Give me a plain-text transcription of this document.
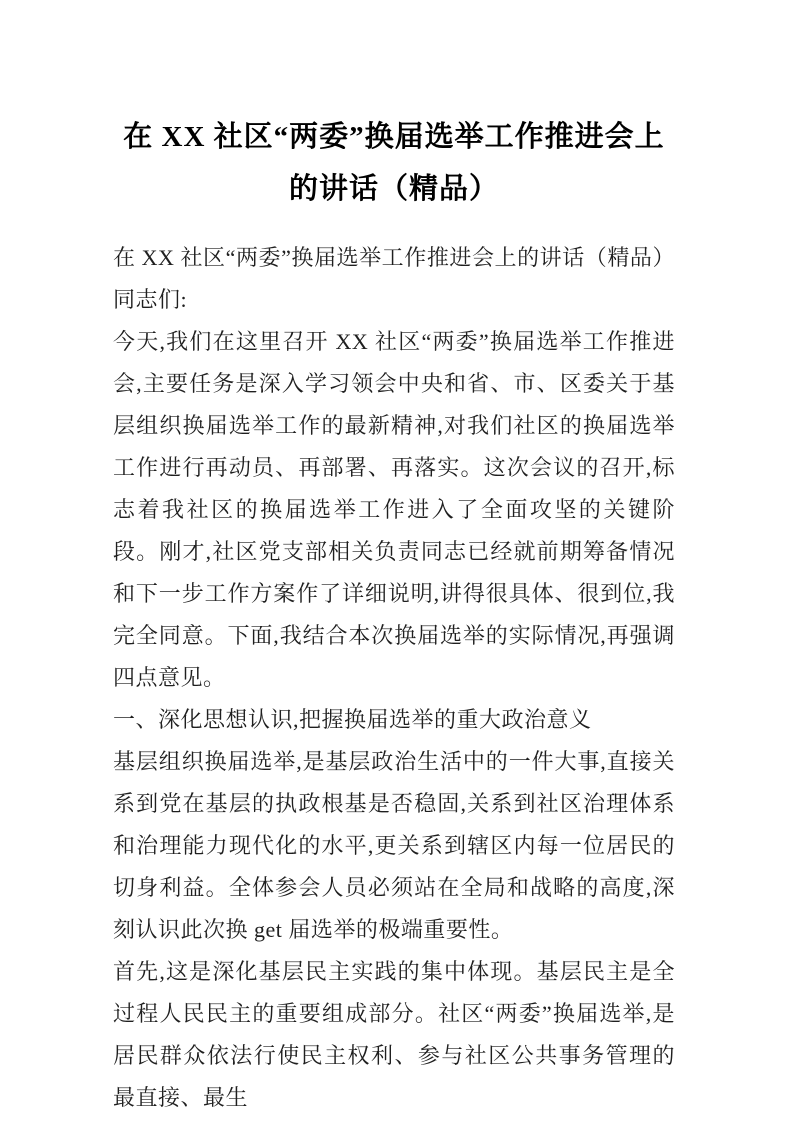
在 XX 社区“两委”换届选举工作推进会上
的讲话（精品）

在 XX 社区“两委”换届选举工作推进会上的讲话（精品） 同志们:

今天,我们在这里召开 XX 社区“两委”换届选举工作推进会,主要任务是深入学习领会中央和省、市、区委关于基层组织换届选举工作的最新精神,对我们社区的换届选举工作进行再动员、再部署、再落实。这次会议的召开,标志着我社区的换届选举工作进入了全面攻坚的关键阶段。刚才,社区党支部相关负责同志已经就前期筹备情况和下一步工作方案作了详细说明,讲得很具体、很到位,我完全同意。下面,我结合本次换届选举的实际情况,再强调四点意见。

一、深化思想认识,把握换届选举的重大政治意义

基层组织换届选举,是基层政治生活中的一件大事,直接关系到党在基层的执政根基是否稳固,关系到社区治理体系和治理能力现代化的水平,更关系到辖区内每一位居民的切身利益。全体参会人员必须站在全局和战略的高度,深刻认识此次换 get 届选举的极端重要性。

首先,这是深化基层民主实践的集中体现。基层民主是全过程人民民主的重要组成部分。社区“两委”换届选举,是居民群众依法行使民主权利、参与社区公共事务管理的最直接、最生
